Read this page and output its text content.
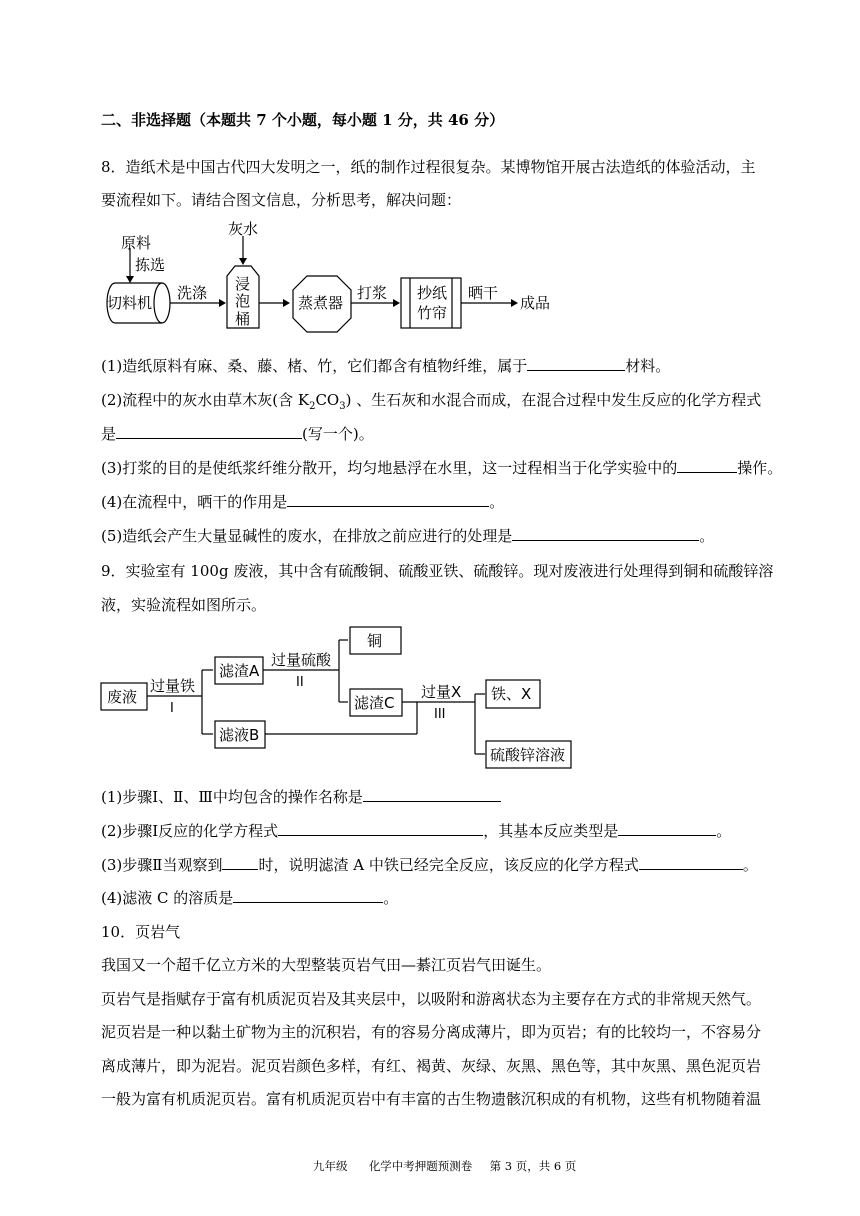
二、非选择题（本题共 7 个小题，每小题 1 分，共 46 分）
8．造纸术是中国古代四大发明之一，纸的制作过程很复杂。某博物馆开展古法造纸的体验活动，主
要流程如下。请结合图文信息，分析思考，解决问题：
原料
拣选
切料机
洗涤
灰水
浸
泡
桶
蒸煮器
打浆 抄纸
竹帘
晒干
成品
(1)造纸原料有麻、桑、藤、楮、竹，它们都含有植物纤维，属于	材料。
(2)流程中的灰水由草木灰(含 $K_2CO_3$) 、生石灰和水混合而成，在混合过程中发生反应的化学方程式
是	(写一个)。
(3)打浆的目的是使纸浆纤维分散开，均匀地悬浮在水里，这一过程相当于化学实验中的	操作。
(4)在流程中，晒干的作用是	。
(5)造纸会产生大量显碱性的废水，在排放之前应进行的处理是	。
9．实验室有 100g 废液，其中含有硫酸铜、硫酸亚铁、硫酸锌。现对废液进行处理得到铜和硫酸锌溶
液，实验流程如图所示。
废液
过量铁
I
滤渣A
过量硫酸
II
铜
滤渣C
过量X
III
铁、X
滤液B
硫酸锌溶液
(1)步骤Ⅰ、Ⅱ、Ⅲ中均包含的操作名称是
(2)步骤Ⅰ反应的化学方程式	，其基本反应类型是	。
(3)步骤Ⅱ当观察到 时，说明滤渣 A 中铁已经完全反应，该反应的化学方程式	。
(4)滤液 C 的溶质是	。
10．页岩气
我国又一个超千亿立方米的大型整装页岩气田—綦江页岩气田诞生。
页岩气是指赋存于富有机质泥页岩及其夹层中，以吸附和游离状态为主要存在方式的非常规天然气。
泥页岩是一种以黏土矿物为主的沉积岩，有的容易分离成薄片，即为页岩；有的比较均一，不容易分
离成薄片，即为泥岩。泥页岩颜色多样，有红、褐黄、灰绿、灰黑、黑色等，其中灰黑、黑色泥页岩
一般为富有机质泥页岩。富有机质泥页岩中有丰富的古生物遗骸沉积成的有机物，这些有机物随着温
九年级 化学中考押题预测卷 第 3 页，共 6 页
